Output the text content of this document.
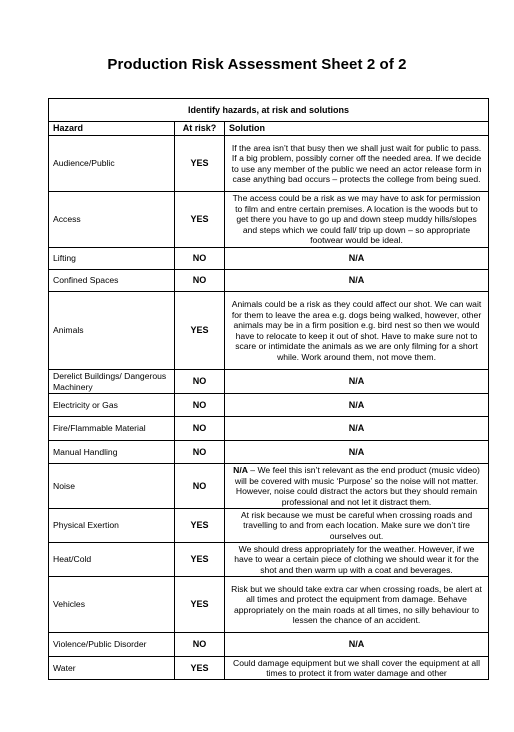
Production Risk Assessment Sheet 2 of 2
Identify hazards, at risk and solutions		
Hazard	At risk?	Solution
Audience/Public	YES	If the area isn’t that busy then we shall just wait for public to pass. If a big problem, possibly corner off the needed area. If we decide to use any member of the public we need an actor release form in case anything bad occurs – protects the college from being sued.
Access	YES	The access could be a risk as we may have to ask for permission to film and entre certain premises. A location is the woods but to get there you have to go up and down steep muddy hills/slopes and steps which we could fall/ trip up down – so appropriate footwear would be ideal.
Lifting	NO	N/A
Confined Spaces	NO	N/A
Animals	YES	Animals could be a risk as they could affect our shot. We can wait for them to leave the area e.g. dogs being walked, however, other animals may be in a firm position e.g. bird nest so then we would have to relocate to keep it out of shot. Have to make sure not to scare or intimidate the animals as we are only filming for a short while. Work around them, not move them.
Derelict Buildings/ Dangerous Machinery	NO	N/A
Electricity or Gas	NO	N/A
Fire/Flammable Material	NO	N/A
Manual Handling	NO	N/A
Noise	NO	N/A – We feel this isn’t relevant as the end product (music video) will be covered with music ‘Purpose’ so the noise will not matter. However, noise could distract the actors but they should remain professional and not let it distract them.
Physical Exertion	YES	At risk because we must be careful when crossing roads and travelling to and from each location. Make sure we don’t tire ourselves out.
Heat/Cold	YES	We should dress appropriately for the weather. However, if we have to wear a certain piece of clothing we should wear it for the shot and then warm up with a coat and beverages.
Vehicles	YES	Risk but we should take extra car when crossing roads, be alert at all times and protect the equipment from damage. Behave appropriately on the main roads at all times, no silly behaviour to lessen the chance of an accident.
Violence/Public Disorder	NO	N/A
Water	YES	Could damage equipment but we shall cover the equipment at all times to protect it from water damage and other
